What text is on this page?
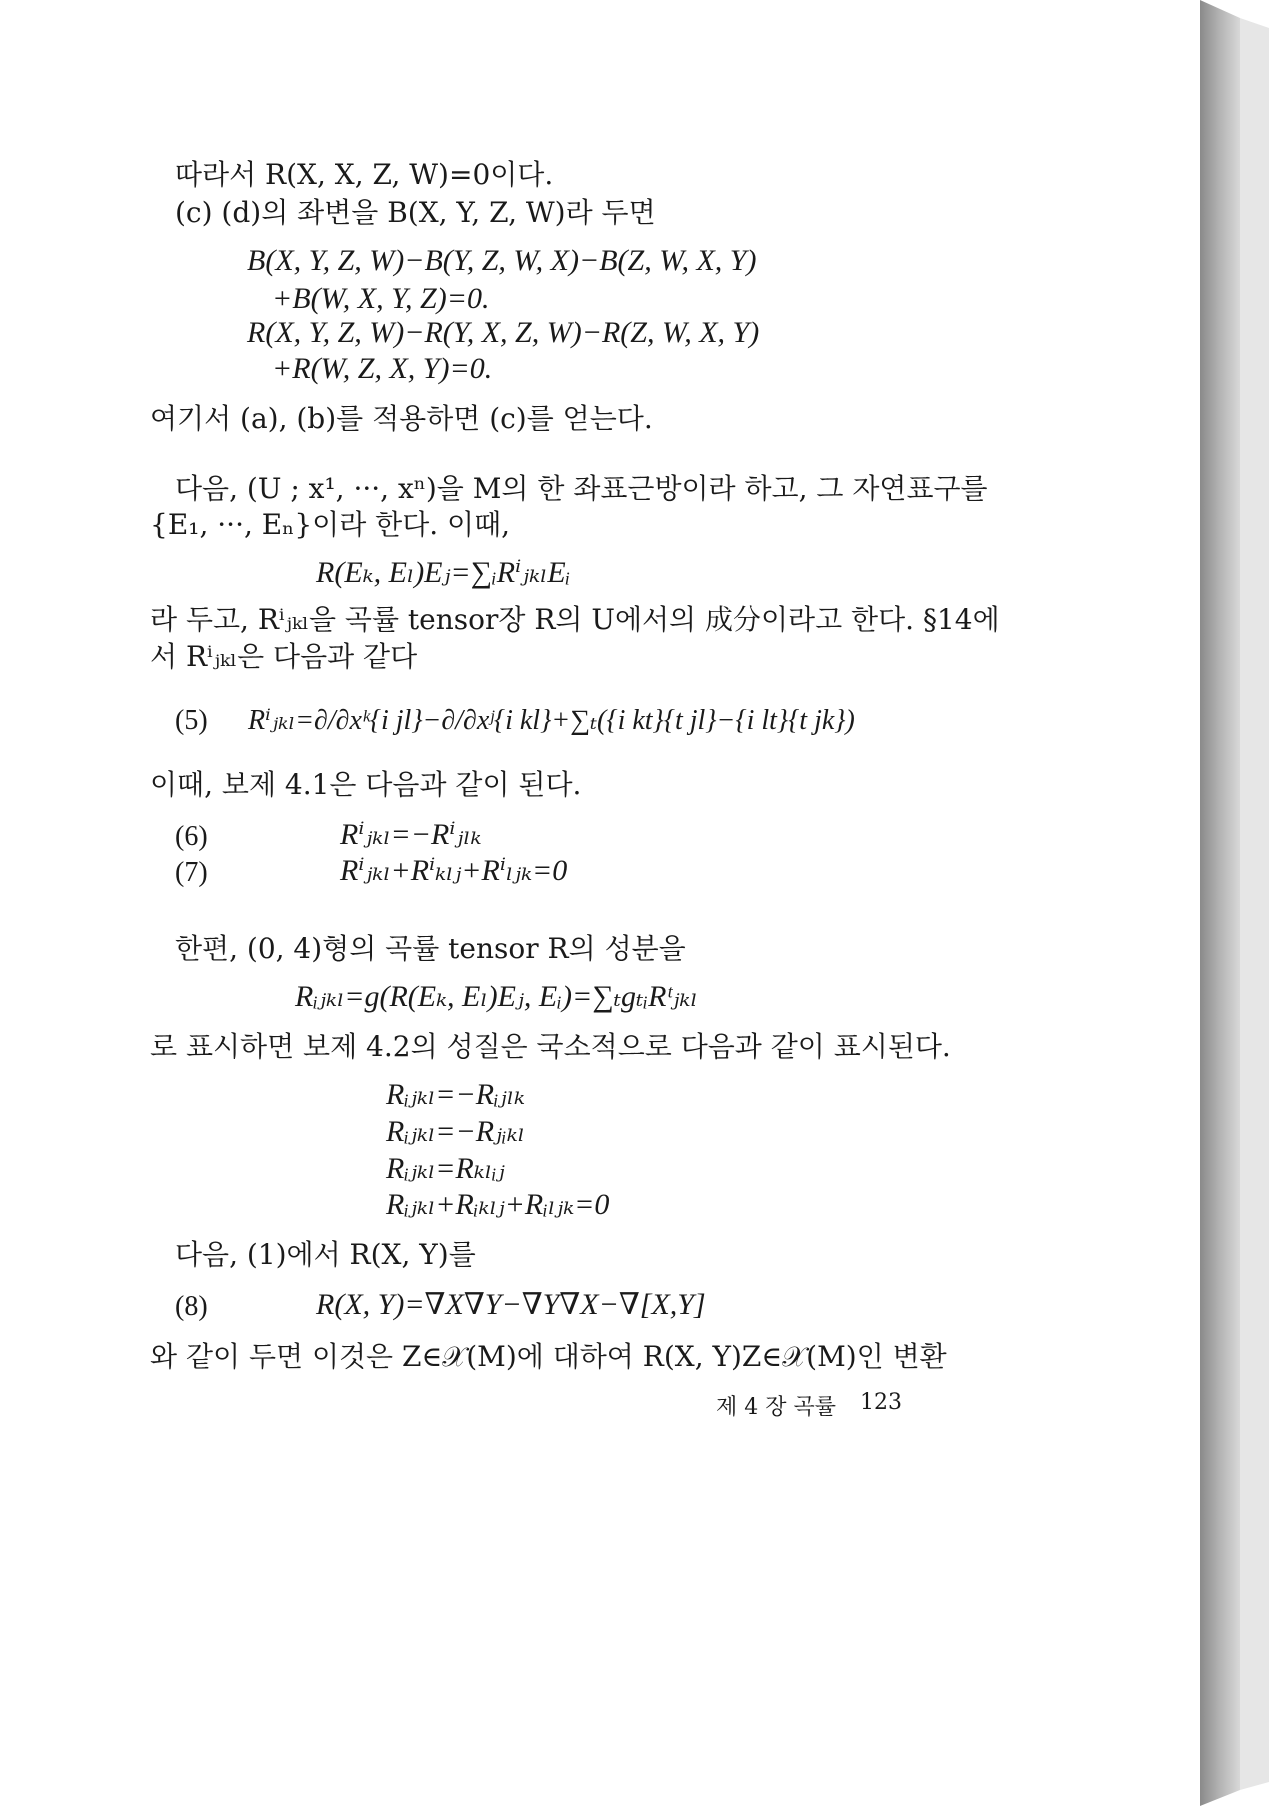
따라서 R(X, X, Z, W)=0이다.
(c) (d)의 좌변을 B(X, Y, Z, W)라 두면
B(X, Y, Z, W)−B(Y, Z, W, X)−B(Z, W, X, Y)
+B(W, X, Y, Z)=0.
R(X, Y, Z, W)−R(Y, X, Z, W)−R(Z, W, X, Y)
+R(W, Z, X, Y)=0.
여기서 (a), (b)를 적용하면 (c)를 얻는다.
다음, (U ; x¹, ···, xⁿ)을 M의 한 좌표근방이라 하고, 그 자연표구를
{E₁, ···, Eₙ}이라 한다. 이때,
R(Eₖ, Eₗ)Eⱼ=∑ᵢRⁱⱼₖₗEᵢ
라 두고, Rⁱⱼₖₗ을 곡률 tensor장 R의 U에서의 成分이라고 한다. §14에
서 Rⁱⱼₖₗ은 다음과 같다
(5) Rⁱⱼₖₗ=∂/∂xᵏ{i jl}−∂/∂xʲ{i kl}+∑ₜ({i kt}{t jl}−{i lt}{t jk})
이때, 보제 4.1은 다음과 같이 된다.
(6)	Rⁱⱼₖₗ=−Rⁱⱼₗₖ
(7)	Rⁱⱼₖₗ+Rⁱₖₗⱼ+Rⁱₗⱼₖ=0
한편, (0, 4)형의 곡률 tensor R의 성분을
Rᵢⱼₖₗ=g(R(Eₖ, Eₗ)Eⱼ, Eᵢ)=∑ₜgₜᵢRᵗⱼₖₗ
로 표시하면 보제 4.2의 성질은 국소적으로 다음과 같이 표시된다.
Rᵢⱼₖₗ=−Rᵢⱼₗₖ
Rᵢⱼₖₗ=−Rⱼᵢₖₗ
Rᵢⱼₖₗ=Rₖₗᵢⱼ
Rᵢⱼₖₗ+Rᵢₖₗⱼ+Rᵢₗⱼₖ=0
다음, (1)에서 R(X, Y)를
(8)	R(X, Y)=∇X∇Y−∇Y∇X−∇[X,Y]
와 같이 두면 이것은 Z∈𝒳(M)에 대하여 R(X, Y)Z∈𝒳(M)인 변환
제 4 장 곡률 123
